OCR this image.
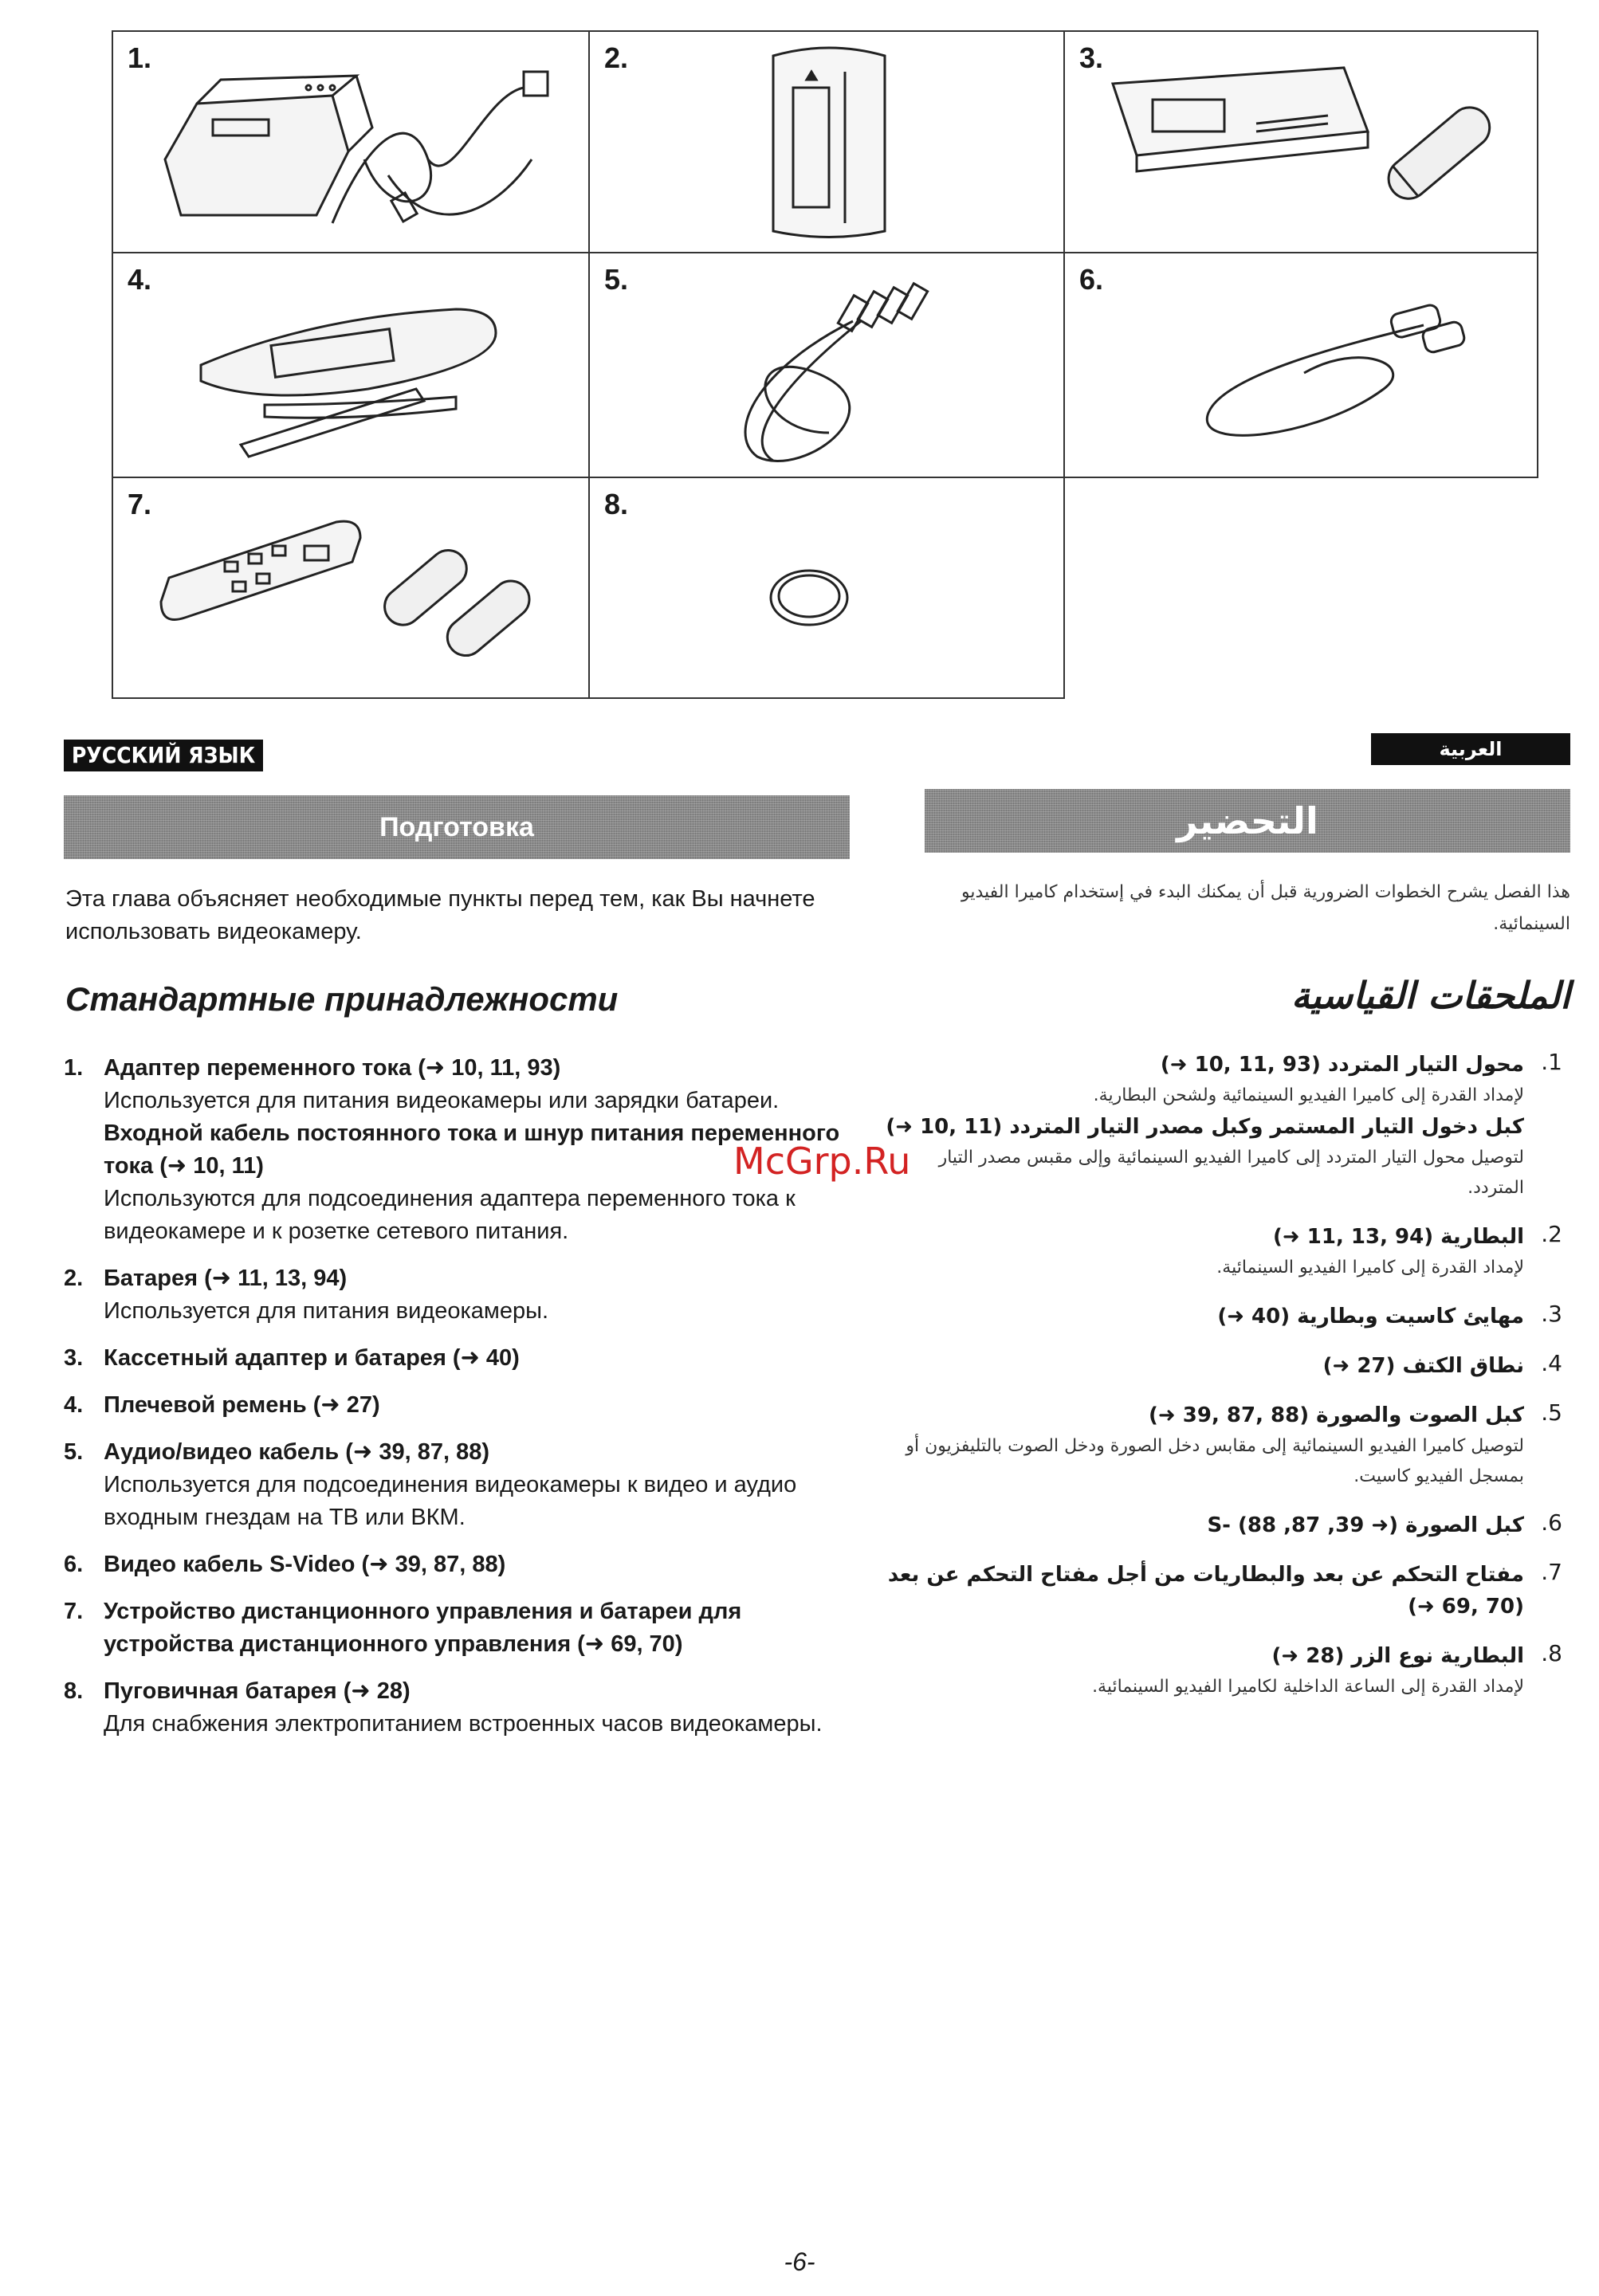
1.	2.	3.
4.	5.	6.
7.	8.
РУССКИЙ ЯЗЫК
Подготовка
Эта глава объясняет необходимые пункты перед тем, как Вы начнете использовать видеокамеру.
Стандартные принадлежности
1. Адаптер переменного тока (➜ 10, 11, 93)
Используется для питания видеокамеры или зарядки батареи.
Входной кабель постоянного тока и шнур питания переменного тока (➜ 10, 11)
Используются для подсоединения адаптера переменного тока к видеокамере и к розетке сетевого питания.
2. Батарея (➜ 11, 13, 94)
Используется для питания видеокамеры.
3. Кассетный адаптер и батарея (➜ 40)
4. Плечевой ремень (➜ 27)
5. Аудио/видео кабель (➜ 39, 87, 88)
Используется для подсоединения видеокамеры к видео и аудио входным гнездам на ТВ или ВКМ.
6. Видео кабель S-Video (➜ 39, 87, 88)
7. Устройство дистанционного управления и батареи для устройства дистанционного управления (➜ 69, 70)
8. Пуговичная батарея (➜ 28)
Для снабжения электропитанием встроенных часов видеокамеры.
العربية
التحضير
هذا الفصل يشرح الخطوات الضرورية قبل أن يمكنك البدء في إستخدام كاميرا الفيديو السينمائية.
الملحقات القياسية
.1
محول التيار المتردد (93 ,11 ,10 ➜)
لإمداد القدرة إلى كاميرا الفيديو السينمائية ولشحن البطارية.
كبل دخول التيار المستمر وكبل مصدر التيار المتردد (11 ,10 ➜)
لتوصيل محول التيار المتردد إلى كاميرا الفيديو السينمائية وإلى مقبس مصدر التيار المتردد.
.2
البطارية (94 ,13 ,11 ➜)
لإمداد القدرة إلى كاميرا الفيديو السينمائية.
.3
مهايئ كاسيت وبطارية (40 ➜)
.4
نطاق الكتف (27 ➜)
.5
كبل الصوت والصورة (88 ,87 ,39 ➜)
لتوصيل كاميرا الفيديو السينمائية إلى مقابس دخل الصورة ودخل الصوت بالتليفزيون أو بمسجل الفيديو كاسيت.
.6
كبل الصورة S- (88 ,87 ,39 ➜)
.7
مفتاح التحكم عن بعد والبطاريات من أجل مفتاح التحكم عن بعد (70 ,69 ➜)
.8
البطارية نوع الزر (28 ➜)
لإمداد القدرة إلى الساعة الداخلية لكاميرا الفيديو السينمائية.
McGrp.Ru
-6-
